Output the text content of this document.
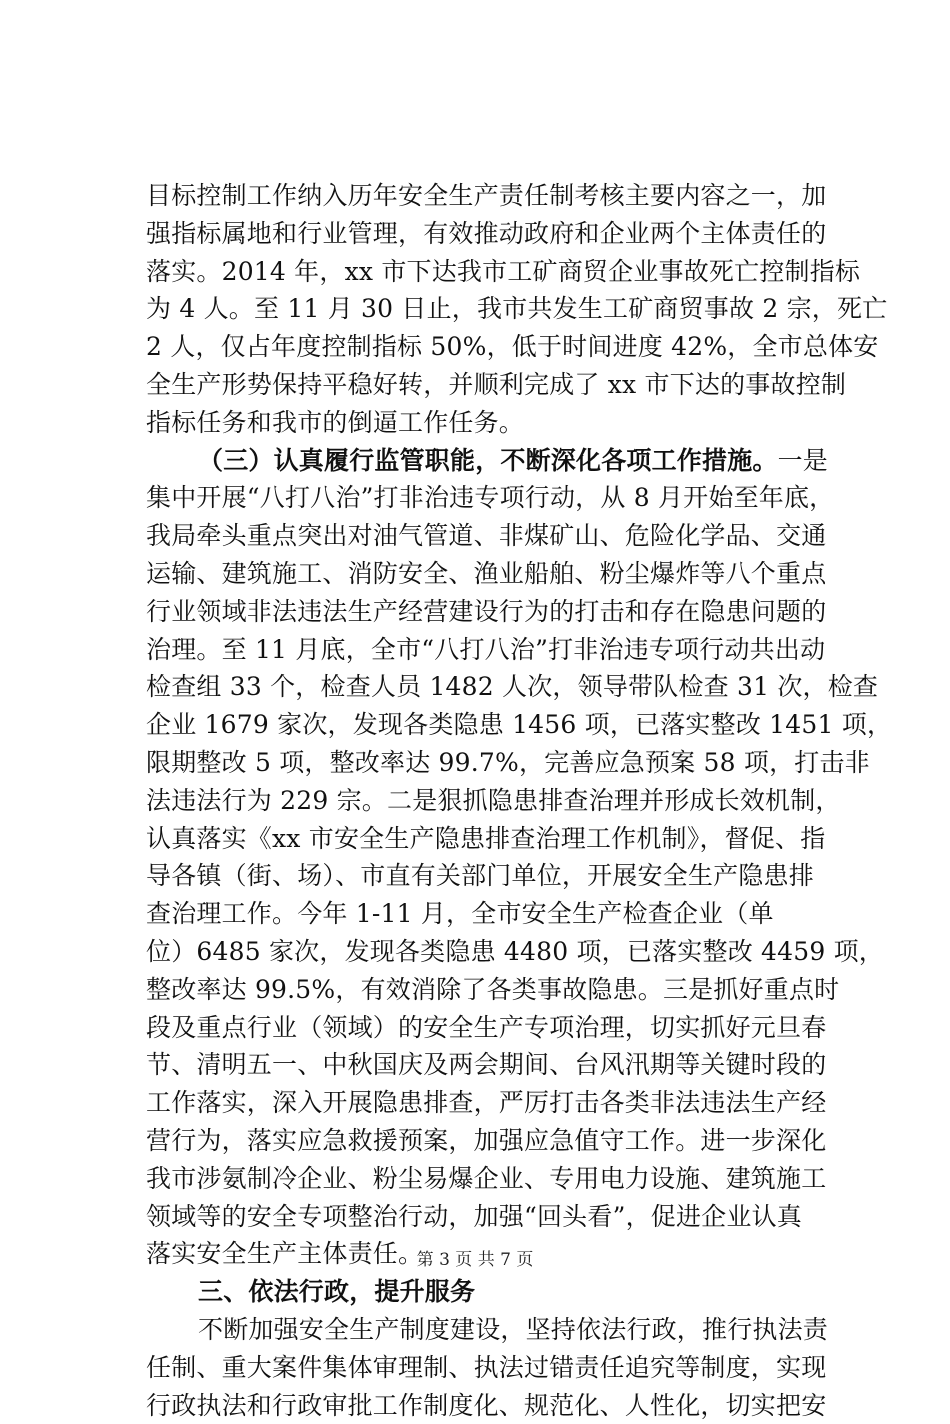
目标控制工作纳入历年安全生产责任制考核主要内容之一，加
强指标属地和行业管理，有效推动政府和企业两个主体责任的
落实。2014 年，xx 市下达我市工矿商贸企业事故死亡控制指标
为 4 人。至 11 月 30 日止，我市共发生工矿商贸事故 2 宗，死亡
2 人，仅占年度控制指标 50%，低于时间进度 42%，全市总体安
全生产形势保持平稳好转，并顺利完成了 xx 市下达的事故控制
指标任务和我市的倒逼工作任务。
（三）认真履行监管职能，不断深化各项工作措施。一是
集中开展“八打八治”打非治违专项行动，从 8 月开始至年底，
我局牵头重点突出对油气管道、非煤矿山、危险化学品、交通
运输、建筑施工、消防安全、渔业船舶、粉尘爆炸等八个重点
行业领域非法违法生产经营建设行为的打击和存在隐患问题的
治理。至 11 月底，全市“八打八治”打非治违专项行动共出动
检查组 33 个，检查人员 1482 人次，领导带队检查 31 次，检查
企业 1679 家次，发现各类隐患 1456 项，已落实整改 1451 项，
限期整改 5 项，整改率达 99.7%，完善应急预案 58 项，打击非
法违法行为 229 宗。二是狠抓隐患排查治理并形成长效机制，
认真落实《xx 市安全生产隐患排查治理工作机制》，督促、指
导各镇（街、场）、市直有关部门单位，开展安全生产隐患排
查治理工作。今年 1-11 月，全市安全生产检查企业（单
位）6485 家次，发现各类隐患 4480 项，已落实整改 4459 项，
整改率达 99.5%，有效消除了各类事故隐患。三是抓好重点时
段及重点行业（领域）的安全生产专项治理，切实抓好元旦春
节、清明五一、中秋国庆及两会期间、台风汛期等关键时段的
工作落实，深入开展隐患排查，严厉打击各类非法违法生产经
营行为，落实应急救援预案，加强应急值守工作。进一步深化
我市涉氨制冷企业、粉尘易爆企业、专用电力设施、建筑施工
领域等的安全专项整治行动，加强“回头看”，促进企业认真
落实安全生产主体责任。
三、依法行政，提升服务
不断加强安全生产制度建设，坚持依法行政，推行执法责
任制、重大案件集体审理制、执法过错责任追究等制度，实现
行政执法和行政审批工作制度化、规范化、人性化，切实把安
第 3 页 共 7 页
